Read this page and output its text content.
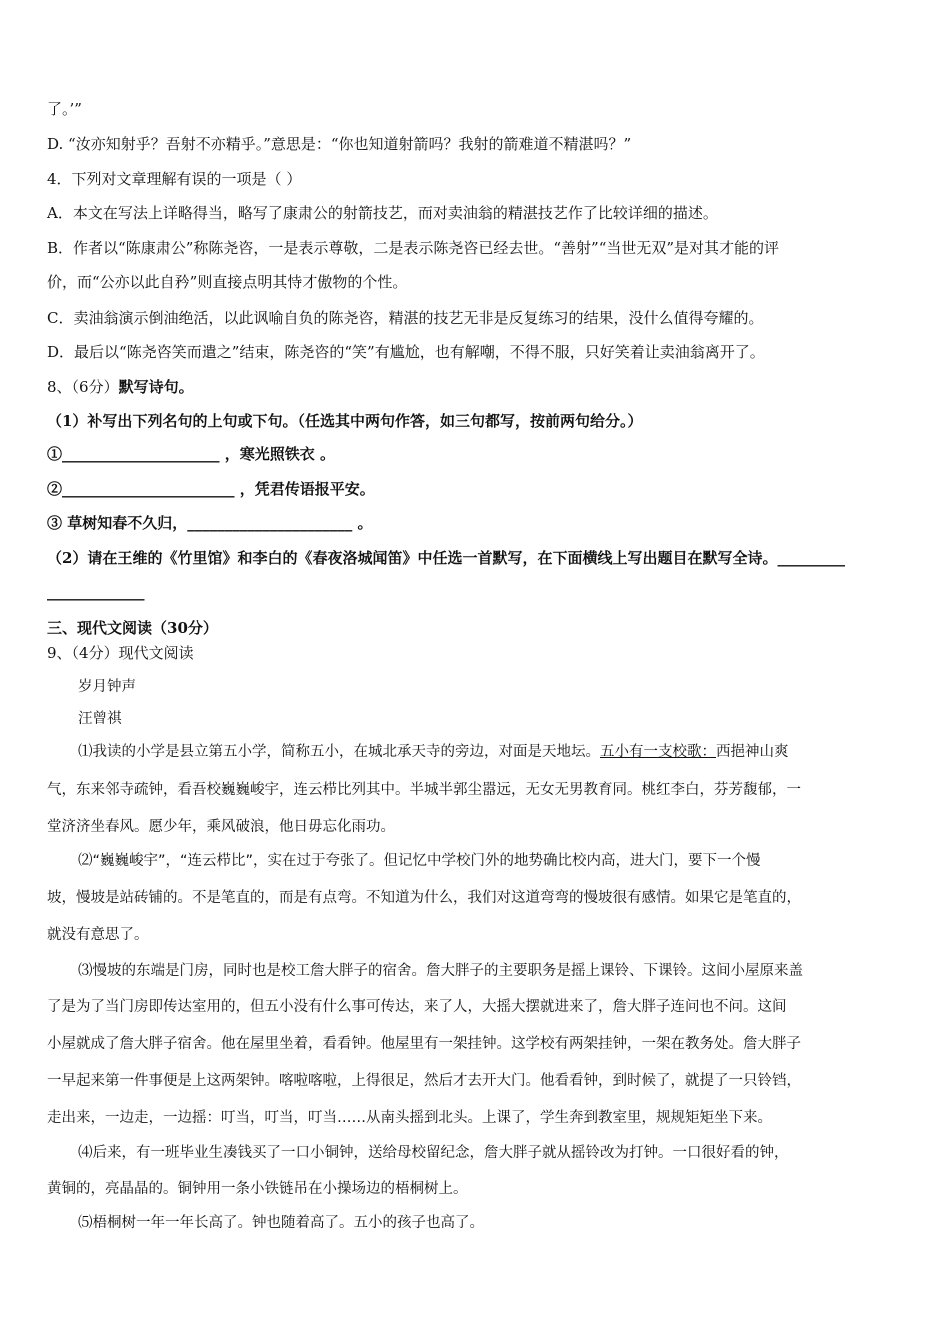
了。’”
D. “汝亦知射乎？吾射不亦精乎。”意思是：“你也知道射箭吗？我射的箭难道不精湛吗？”
4．下列对文章理解有误的一项是（ ）
A．本文在写法上详略得当，略写了康肃公的射箭技艺，而对卖油翁的精湛技艺作了比较详细的描述。
B．作者以“陈康肃公”称陈尧咨，一是表示尊敬，二是表示陈尧咨已经去世。“善射”“当世无双”是对其才能的评
价，而“公亦以此自矜”则直接点明其恃才傲物的个性。
C．卖油翁演示倒油绝活，以此讽喻自负的陈尧咨，精湛的技艺无非是反复练习的结果，没什么值得夸耀的。
D．最后以“陈尧咨笑而遣之”结束，陈尧咨的“笑”有尴尬，也有解嘲，不得不服，只好笑着让卖油翁离开了。
8、（6分）默写诗句。
（1）补写出下列名句的上句或下句。（任选其中两句作答，如三句都写，按前两句给分。）
①_____________________ ，寒光照铁衣 。
②_______________________ ，凭君传语报平安。
③ 草树知春不久归，______________________ 。
（2）请在王维的《竹里馆》和李白的《春夜洛城闻笛》中任选一首默写，在下面横线上写出题目在默写全诗。_________
_____________
三、现代文阅读（30分）
9、（4分）现代文阅读
岁月钟声
汪曾祺
⑴我读的小学是县立第五小学，简称五小，在城北承天寺的旁边，对面是天地坛。五小有一支校歌：西挹神山爽
气，东来邻寺疏钟，看吾校巍巍峻宇，连云栉比列其中。半城半郭尘嚣远，无女无男教育同。桃红李白，芬芳馥郁，一
堂济济坐春风。愿少年，乘风破浪，他日毋忘化雨功。
⑵“巍巍峻宇”，“连云栉比”，实在过于夸张了。但记忆中学校门外的地势确比校内高，进大门，要下一个慢
坡，慢坡是站砖铺的。不是笔直的，而是有点弯。不知道为什么，我们对这道弯弯的慢坡很有感情。如果它是笔直的，
就没有意思了。
⑶慢坡的东端是门房，同时也是校工詹大胖子的宿舍。詹大胖子的主要职务是摇上课铃、下课铃。这间小屋原来盖
了是为了当门房即传达室用的，但五小没有什么事可传达，来了人，大摇大摆就进来了，詹大胖子连问也不问。这间
小屋就成了詹大胖子宿舍。他在屋里坐着，看看钟。他屋里有一架挂钟。这学校有两架挂钟，一架在教务处。詹大胖子
一早起来第一件事便是上这两架钟。喀啦喀啦，上得很足，然后才去开大门。他看看钟，到时候了，就提了一只铃铛，
走出来，一边走，一边摇：叮当，叮当，叮当……从南头摇到北头。上课了，学生奔到教室里，规规矩矩坐下来。
⑷后来，有一班毕业生凑钱买了一口小铜钟，送给母校留纪念，詹大胖子就从摇铃改为打钟。一口很好看的钟，
黄铜的，亮晶晶的。铜钟用一条小铁链吊在小操场边的梧桐树上。
⑸梧桐树一年一年长高了。钟也随着高了。五小的孩子也高了。
